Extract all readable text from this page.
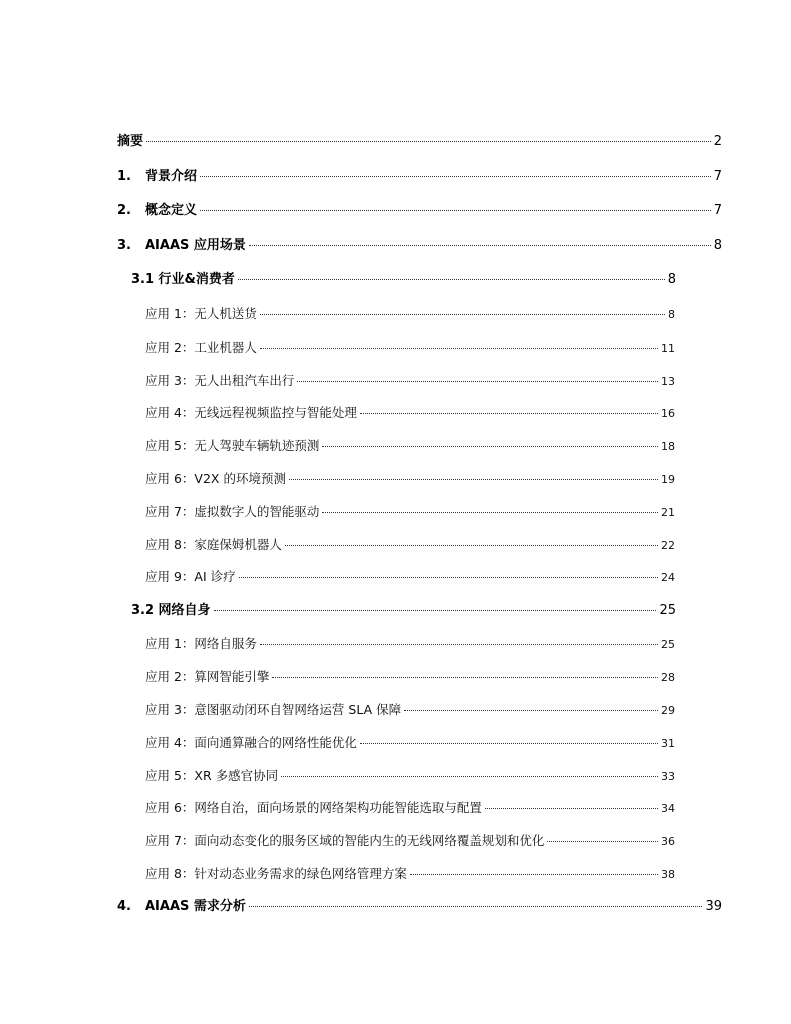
摘要	2
1.	背景介绍	7
2.	概念定义	7
3.	AIAAS 应用场景	8
3.1 行业&消费者	8
应用 1：无人机送货	8
应用 2：工业机器人	11
应用 3：无人出租汽车出行	13
应用 4：无线远程视频监控与智能处理	16
应用 5：无人驾驶车辆轨迹预测	18
应用 6：V2X 的环境预测	19
应用 7：虚拟数字人的智能驱动	21
应用 8：家庭保姆机器人	22
应用 9：AI 诊疗	24
3.2 网络自身	25
应用 1：网络自服务	25
应用 2：算网智能引擎	28
应用 3：意图驱动闭环自智网络运营 SLA 保障	29
应用 4：面向通算融合的网络性能优化	31
应用 5：XR 多感官协同	33
应用 6：网络自治，面向场景的网络架构功能智能选取与配置	34
应用 7：面向动态变化的服务区域的智能内生的无线网络覆盖规划和优化	36
应用 8：针对动态业务需求的绿色网络管理方案	38
4.	AIAAS 需求分析	39
